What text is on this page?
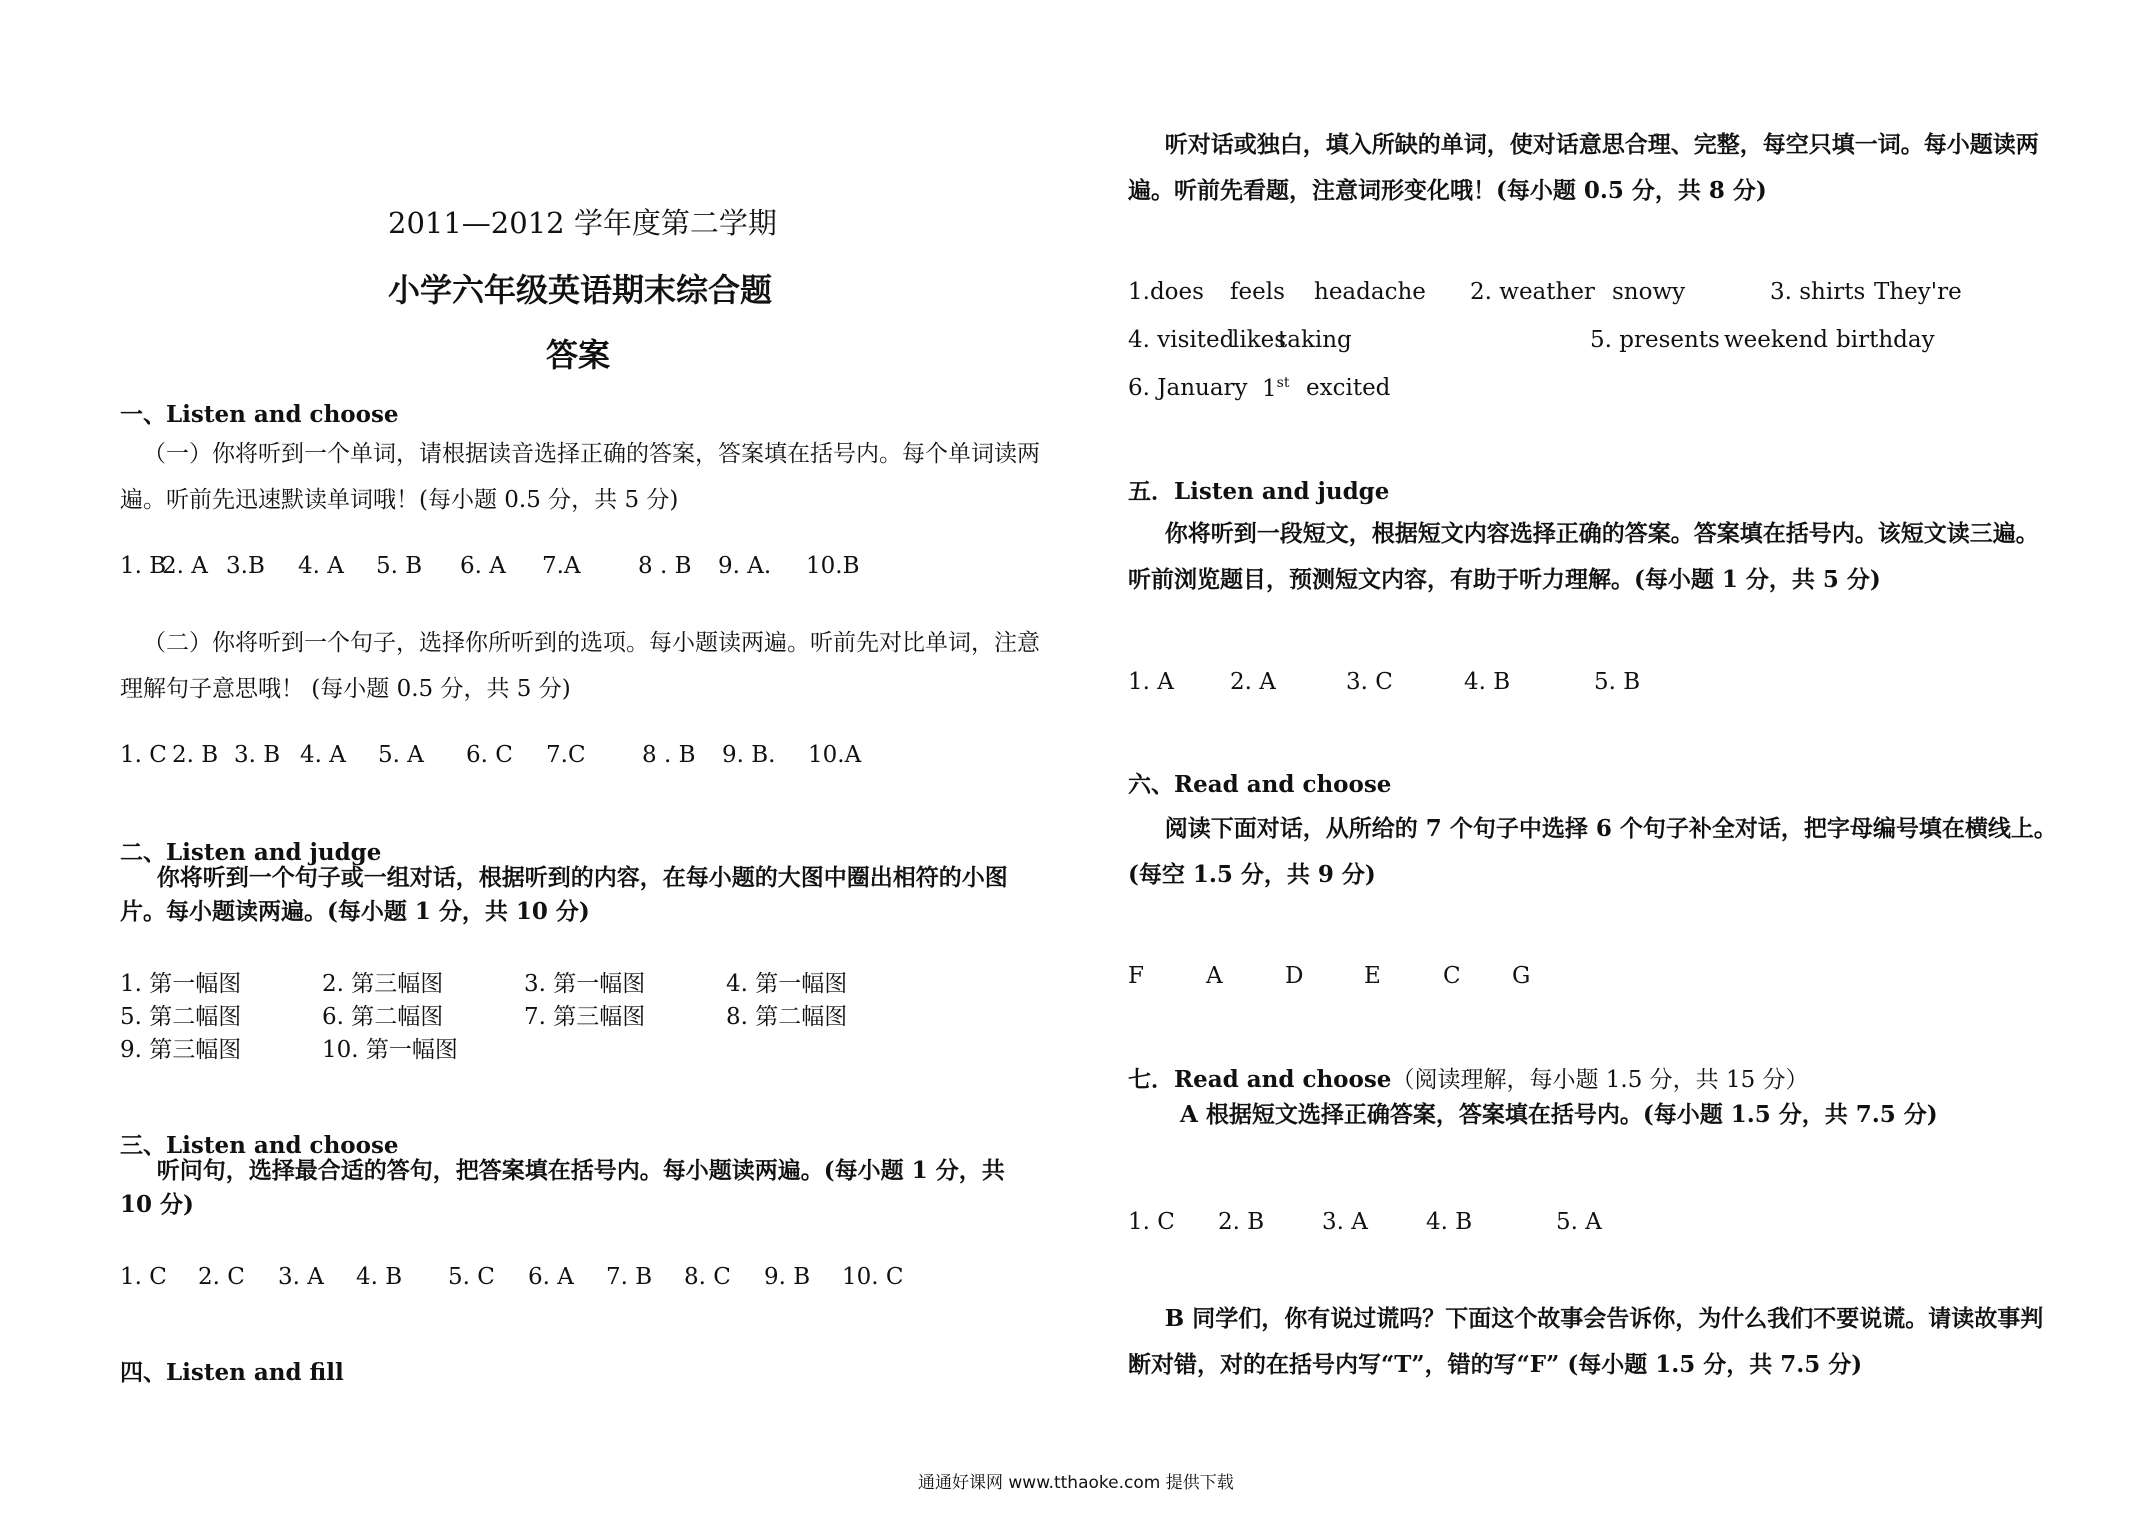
2011—2012 学年度第二学期
小学六年级英语期末综合题
答案
一、Listen and choose
（一）你将听到一个单词，请根据读音选择正确的答案，答案填在括号内。每个单词读两遍。听前先迅速默读单词哦！(每小题 0.5 分，共 5 分)
1. B
2. A 3.B	4. A	5. B	6. A	7.A	8 . B	9. A.	10.B
（二）你将听到一个句子，选择你所听到的选项。每小题读两遍。听前先对比单词，注意理解句子意思哦！ (每小题 0.5 分，共 5 分)
1. C 2. B 3. B 4. A	5. A	6. C	7.C	8 . B	9. B.	10.A
二、Listen and judge
你将听到一个句子或一组对话，根据听到的内容，在每小题的大图中圈出相符的小图片。每小题读两遍。(每小题 1 分，共 10 分)
1. 第一幅图	2. 第三幅图	3. 第一幅图	4. 第一幅图
5. 第二幅图	6. 第二幅图	7. 第三幅图	8. 第二幅图
9. 第三幅图	10. 第一幅图
三、Listen and choose
听问句，选择最合适的答句，把答案填在括号内。每小题读两遍。(每小题 1 分，共 10 分)
1. C	2. C	3. A	4. B	5. C	6. A	7. B	8. C	9. B	10. C
四、Listen and fill
听对话或独白，填入所缺的单词，使对话意思合理、完整，每空只填一词。每小题读两遍。听前先看题，注意词形变化哦！(每小题 0.5 分，共 8 分)
1.does	feels	headache	2. weather snowy	3. shirts They're
4. visited
likes
taking	5. presents weekend birthday
6. January 1st excited
五．Listen and judge
你将听到一段短文，根据短文内容选择正确的答案。答案填在括号内。该短文读三遍。听前浏览题目，预测短文内容，有助于听力理解。(每小题 1 分，共 5 分)
1. A	2. A	3. C	4. B	5. B
六、Read and choose
阅读下面对话，从所给的 7 个句子中选择 6 个句子补全对话，把字母编号填在横线上。(每空 1.5 分，共 9 分)
F	A	D	E	C	G
七．Read and choose（阅读理解，每小题 1.5 分，共 15 分）
A 根据短文选择正确答案，答案填在括号内。(每小题 1.5 分，共 7.5 分)
1. C	2. B	3. A	4. B	5. A
B 同学们，你有说过谎吗？下面这个故事会告诉你，为什么我们不要说谎。请读故事判断对错，对的在括号内写“T”，错的写“F” (每小题 1.5 分，共 7.5 分)
通通好课网 www.tthaoke.com 提供下载
